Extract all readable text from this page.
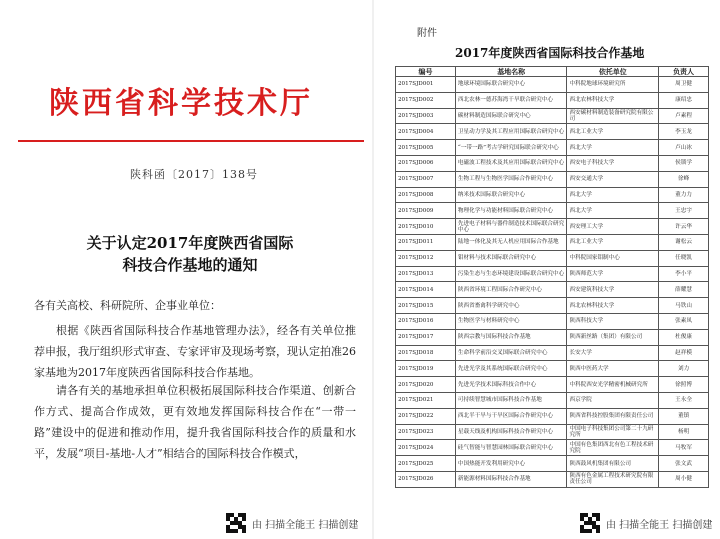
陕西省科学技术厅
陕科函〔2017〕138号
关于认定2017年度陕西省国际
科技合作基地的通知
各有关高校、科研院所、企事业单位：
根据《陕西省国际科技合作基地管理办法》，经各有关单位推荐申报，我厅组织形式审查、专家评审及现场考察，现认定拍准26家基地为2017年度陕西省国际科技合作基地。
请各有关的基地承担单位积极拓展国际科技合作渠道、创新合作方式、提高合作成效，更有效地发挥国际科技合作在“一带一路”建设中的促进和推动作用，提升我省国际科技合作的质量和水平，发展“项目-基地-人才”相结合的国际科技合作模式，
附件
2017年度陕西省国际科技合作基地
编号	基地名称	依托单位	负责人
2017SJD001	地球环境国际联合研究中心	中科院地球环境研究所	周卫健
2017SJD002	西北农林一德苏海湾干旱联合研究中心	西北农林科技大学	康绍忠
2017SJD003	碳材料制造国际联合研究中心	西安碳材料制造装备研究院有限公司	卢素程
2017SJD004	卫星动力学及其工程应用国际联合研究中心	西北工业大学	李玉龙
2017SJD005	“一带一路”考古学研究国际联合研究中心	西北大学	卢山冰
2017SJD006	电磁波工程技术及其应用国际联合研究中心	西安电子科技大学	侯锁学
2017SJD007	生物工程与生物医学国际合作研究中心	西安交通大学	徐峰
2017SJD008	纳米技术国际联合研究中心	西北大学	董力力
2017SJD009	物理化学与功能材料国际联合研究中心	西北大学	王忠宇
2017SJD010	先进电子材料与器件制造技术国际联合研究中心	西安理工大学	许云华
2017SJD011	陆地一体化及其无人机应用国际合作基地	西北工业大学	谢松云
2017SJD012	钼材料与技术国际联合研究中心	中科院国家钼制中心	任晓凯
2017SJD013	污染生态与生态环境建设国际联合研究中心	陕西师范大学	李小平
2017SJD014	陕西省环境工程国际合作研究中心	西安建筑科技大学	薛耀慧
2017SJD015	陕西省畜禽科学研究中心	西北农林科技大学	马铁山
2017SJD016	生物医学与材料研究中心	陕西科技大学	张素凤
2017SJD017	陕西宗教与国际科技合作基地	陕西新丝路（集团）有限公司	杜俊康
2017SJD018	生命科学前沿交叉国际联合研究中心	长安大学	赵祥模
2017SJD019	先进光学及其系统国际联合研究中心	陕西中医药大学	刘力
2017SJD020	先进光学技术国际科技合作中心	中科院西安光学精密机械研究所	徐照博
2017SJD021	可持续智慧城市国际科技合作基地	西京学院	王永全
2017SJD022	西北半干旱与干旱区国际合作研究中心	陕西省科技控股集团有限责任公司	董镇
2017SJD023	星载天线及机构国际科技合作研究中心	中国电子科技集团公司第二十九研究所	杨明
2017SJD024	硅气智能与智慧园林国际联合研究中心	中国有色集团西北有色工程技术研究院	马牧军
2017SJD025	中国热能开发利用研究中心	陕西鼓风机集团有限公司	张文武
2017SJD026	新能源材料国际科技合作基地	陕西有色金属工程技术研究院有限责任公司	周小健
由 扫描全能王 扫描创建	由 扫描全能王 扫描创建
